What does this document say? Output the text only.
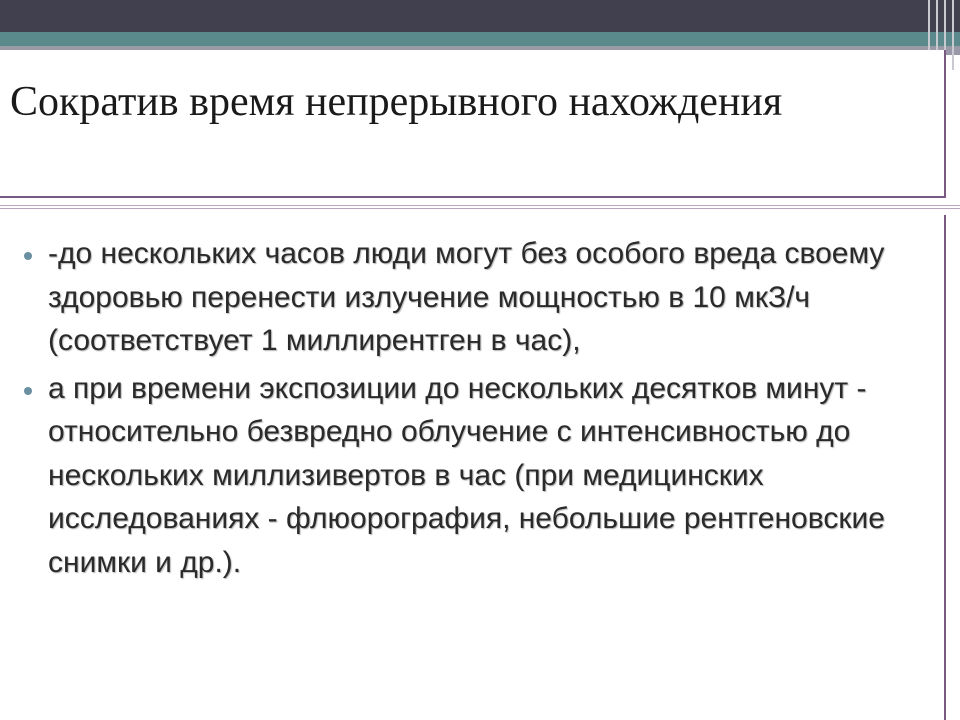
Сократив время непрерывного нахождения
-до нескольких часов люди могут без особого вреда своему здоровью перенести излучение мощностью в 10 мкЗ/ч (соответствует 1 миллирентген в час),
а при времени экспозиции до нескольких десятков минут - относительно безвредно облучение с интенсивностью до нескольких миллизивертов в час (при медицинских исследованиях - флюорография, небольшие рентгеновские снимки и др.).
